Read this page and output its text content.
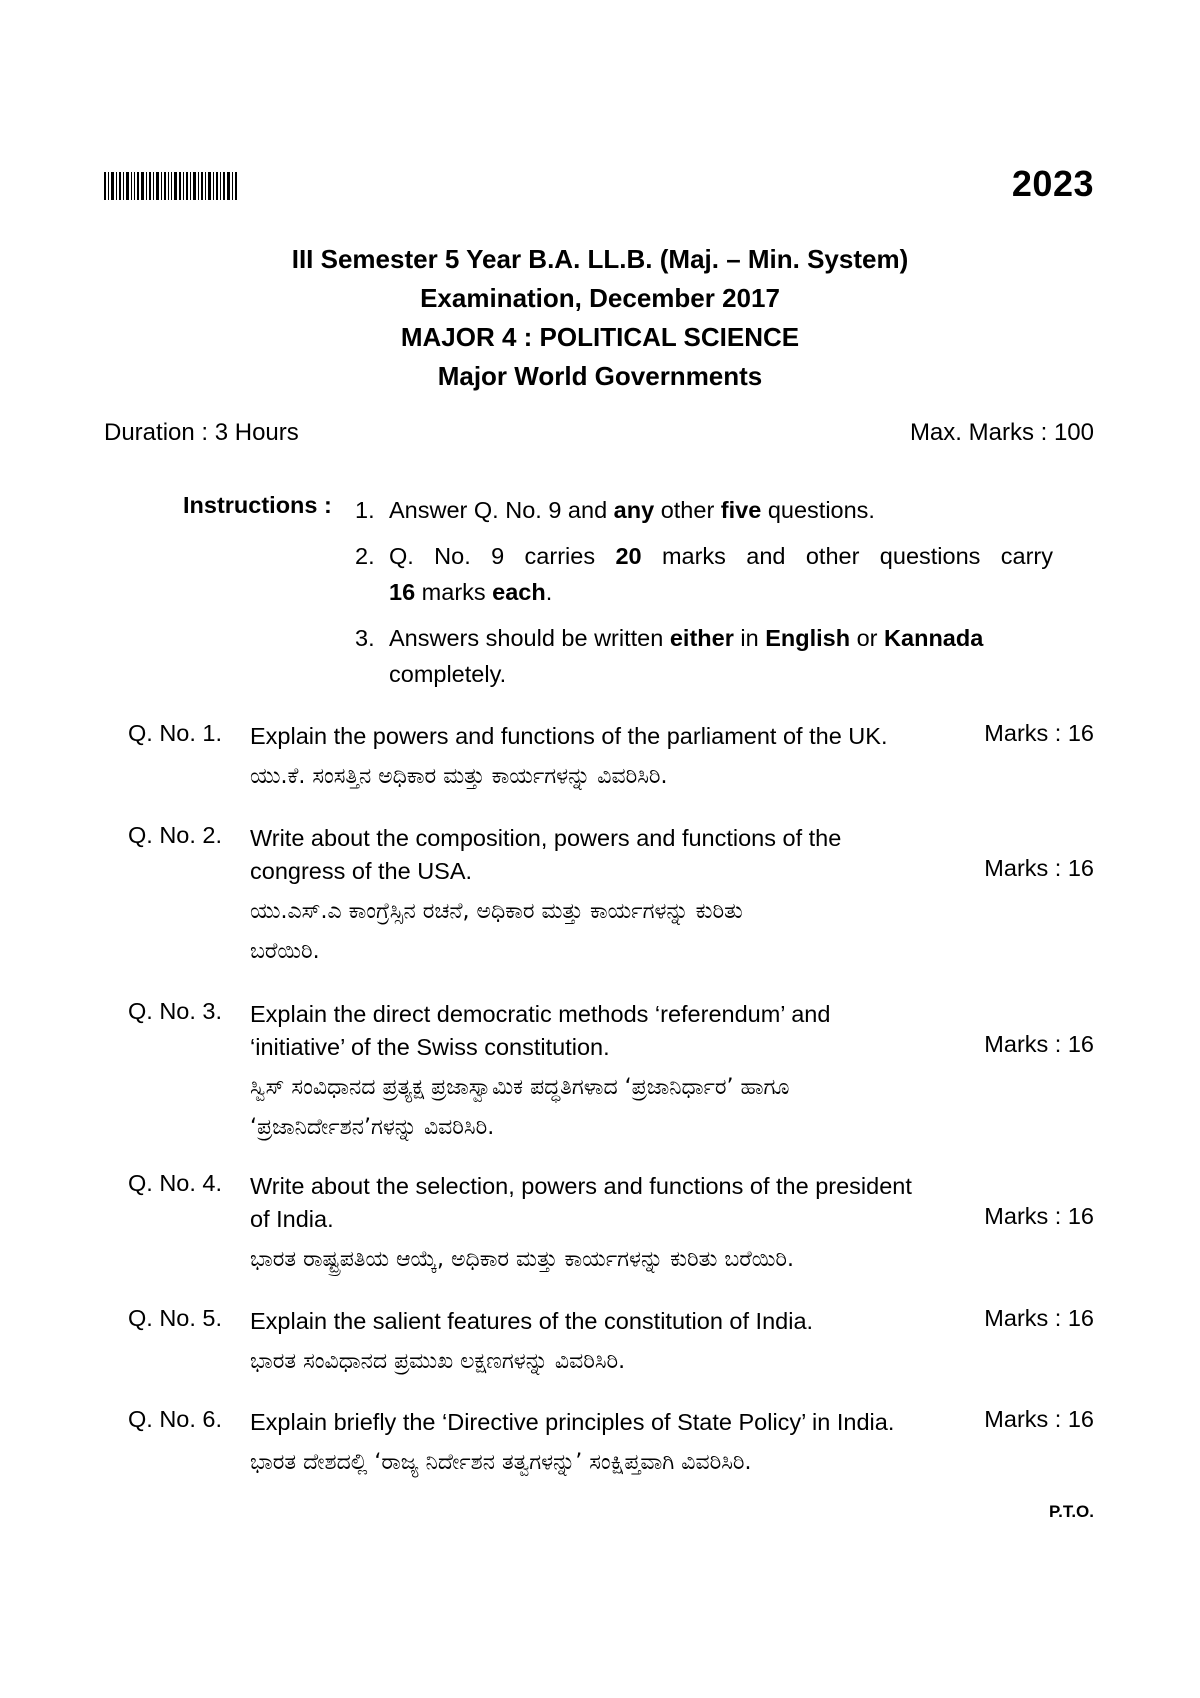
2023
III Semester 5 Year B.A. LL.B. (Maj. – Min. System)
Examination, December 2017
MAJOR 4 : POLITICAL SCIENCE
Major World Governments
Duration : 3 Hours	Max. Marks : 100
Instructions : 1. Answer Q. No. 9 and any other five questions.
2. Q. No. 9 carries 20 marks and other questions carry
16 marks each.
3. Answers should be written either in English or Kannada
completely.
Q. No. 1. Explain the powers and functions of the parliament of the UK.
ಯು.ಕೆ. ಸಂಸತ್ತಿನ ಅಧಿಕಾರ ಮತ್ತು ಕಾರ್ಯಗಳನ್ನು ವಿವರಿಸಿರಿ.
Marks : 16
Q. No. 2. Write about the composition, powers and functions of the
congress of the USA.
ಯು.ಎಸ್.ಎ ಕಾಂಗ್ರೆಸ್ಸಿನ ರಚನೆ, ಅಧಿಕಾರ ಮತ್ತು ಕಾರ್ಯಗಳನ್ನು ಕುರಿತು
ಬರೆಯಿರಿ.
Marks : 16
Q. No. 3. Explain the direct democratic methods ‘referendum’ and
‘initiative’ of the Swiss constitution.
ಸ್ವಿಸ್ ಸಂವಿಧಾನದ ಪ್ರತ್ಯಕ್ಷ ಪ್ರಜಾಸ್ವಾಮಿಕ ಪದ್ಧತಿಗಳಾದ ‘ಪ್ರಜಾನಿರ್ಧಾರ’ ಹಾಗೂ
‘ಪ್ರಜಾನಿರ್ದೇಶನ’ಗಳನ್ನು ವಿವರಿಸಿರಿ.
Marks : 16
Q. No. 4. Write about the selection, powers and functions of the president
of India.
ಭಾರತ ರಾಷ್ಟ್ರಪತಿಯ ಆಯ್ಕೆ, ಅಧಿಕಾರ ಮತ್ತು ಕಾರ್ಯಗಳನ್ನು ಕುರಿತು ಬರೆಯಿರಿ.
Marks : 16
Q. No. 5. Explain the salient features of the constitution of India.
ಭಾರತ ಸಂವಿಧಾನದ ಪ್ರಮುಖ ಲಕ್ಷಣಗಳನ್ನು ವಿವರಿಸಿರಿ.
Marks : 16
Q. No. 6. Explain briefly the ‘Directive principles of State Policy’ in India.
ಭಾರತ ದೇಶದಲ್ಲಿ ‘ರಾಜ್ಯ ನಿರ್ದೇಶನ ತತ್ವಗಳನ್ನು’ ಸಂಕ್ಷಿಪ್ತವಾಗಿ ವಿವರಿಸಿರಿ.
Marks : 16
P.T.O.
